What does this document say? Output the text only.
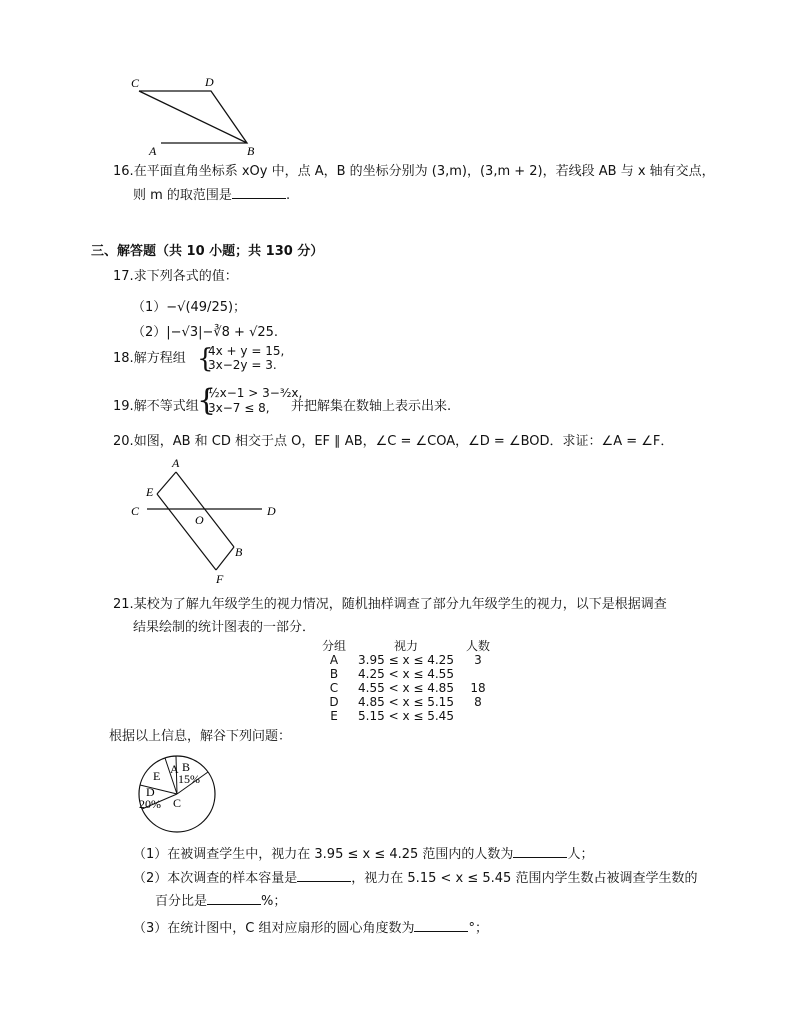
C	D
A	B
16.在平面直角坐标系 xOy 中，点 A，B 的坐标分别为 (3,m)，(3,m + 2)，若线段 AB 与 x 轴有交点，
则 m 的取范围是	.
三、解答题（共 10 小题；共 130 分）
17.求下列各式的值：
（1）−√(49/25)；
（2）|−√3|−∛8 + √25.
18.解方程组 {
4x + y = 15,
3x−2y = 3.
19.解不等式组
{
½x−1 > 3−³⁄₂x,
3x−7 ≤ 8,	并把解集在数轴上表示出来.
20.如图，AB 和 CD 相交于点 O，EF ∥ AB，∠C = ∠COA，∠D = ∠BOD．求证：∠A = ∠F．
A
E
C
O
D
B
F
21.某校为了解九年级学生的视力情况，随机抽样调查了部分九年级学生的视力，以下是根据调查
结果绘制的统计图表的一部分．
分组	视力	人数
A	3.95 ≤ x ≤ 4.25	3
B	4.25 < x ≤ 4.55	
C	4.55 < x ≤ 4.85	18
D	4.85 < x ≤ 5.15	8
E	5.15 < x ≤ 5.45	
根据以上信息，解谷下列问题：
A B
15%
E
D
20% C
（1）在被调查学生中，视力在 3.95 ≤ x ≤ 4.25 范围内的人数为	人；
（2）本次调查的样本容量是	，视力在 5.15 < x ≤ 5.45 范围内学生数占被调查学生数的
百分比是	%；
（3）在统计图中，C 组对应扇形的圆心角度数为	°；
